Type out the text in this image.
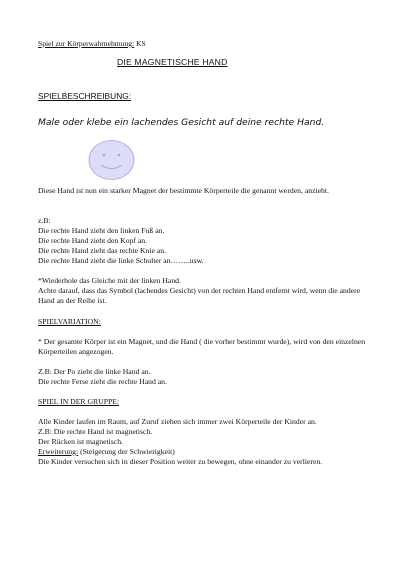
Spiel zur Körperwahrnehmung: KS
DIE MAGNETISCHE HAND
SPIELBESCHREIBUNG:
Male oder klebe ein lachendes Gesicht auf deine rechte Hand.

Diese Hand ist nun ein starker Magnet der bestimmte Körperteile die genannt werden, anzieht.

z.B:

Die rechte Hand zieht den linken Fuß an.

Die rechte Hand zieht den Kopf an.

Die rechte Hand zieht das rechte Knie an.

Die rechte Hand zieht die linke Schulter an……..usw.

*Wiederhole das Gleiche mit der linken Hand.

Achte darauf, dass das Symbol (lachendes Gesicht) von der rechten Hand entfernt wird, wenn die andere Hand an der Reihe ist.

SPIELVARIATION:

* Der gesamte Körper ist ein Magnet, und die Hand ( die vorher bestimmt wurde), wird von den einzelnen Körperteilen angezogen.

Z.B: Der Po zieht die linke Hand an.

Die rechte Ferse zieht die rechte Hand an.

SPIEL IN DER GRUPPE:

Alle Kinder laufen im Raum, auf Zuruf ziehen sich immer zwei Körperteile der Kinder an.

Z.B: Die rechte Hand ist magnetisch.

Der Rücken ist magnetisch.

Erweiterung: (Steigerung der Schwierigkeit)

Die Kinder versuchen sich in dieser Position weiter zu bewegen, ohne einander zu verlieren.
